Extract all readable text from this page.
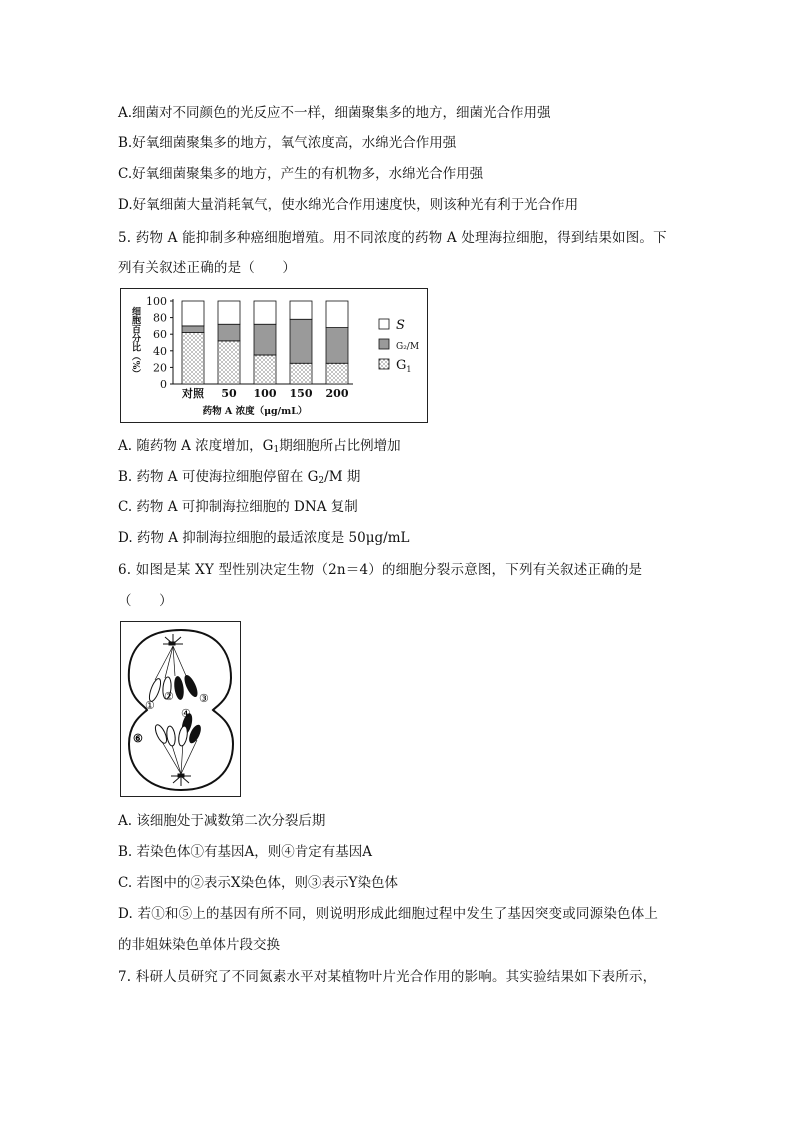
A.细菌对不同颜色的光反应不一样，细菌聚集多的地方，细菌光合作用强
B.好氧细菌聚集多的地方，氧气浓度高，水绵光合作用强
C.好氧细菌聚集多的地方，产生的有机物多，水绵光合作用强
D.好氧细菌大量消耗氧气，使水绵光合作用速度快，则该种光有利于光合作用
5. 药物 A 能抑制多种癌细胞增殖。用不同浓度的药物 A 处理海拉细胞，得到结果如图。下
列有关叙述正确的是（　　）
0
20
40
60
80
100
细胞百分比（%）
对照 50 100 150 200
药物 A 浓度（μg/mL）
S
G₂/M
$G_1$
A. 随药物 A 浓度增加，$G_1$期细胞所占比例增加
B. 药物 A 可使海拉细胞停留在 $G_2/M$ 期
C. 药物 A 可抑制海拉细胞的 DNA 复制
D. 药物 A 抑制海拉细胞的最适浓度是 50μg/mL
6. 如图是某 XY 型性别决定生物（2n＝4）的细胞分裂示意图，下列有关叙述正确的是
（　　）
①
② ③
④
⑥
A. 该细胞处于减数第二次分裂后期
B. 若染色体①有基因A，则④肯定有基因A
C. 若图中的②表示X染色体，则③表示Y染色体
D. 若①和⑤上的基因有所不同，则说明形成此细胞过程中发生了基因突变或同源染色体上
的非姐妹染色单体片段交换
7. 科研人员研究了不同氮素水平对某植物叶片光合作用的影响。其实验结果如下表所示，
